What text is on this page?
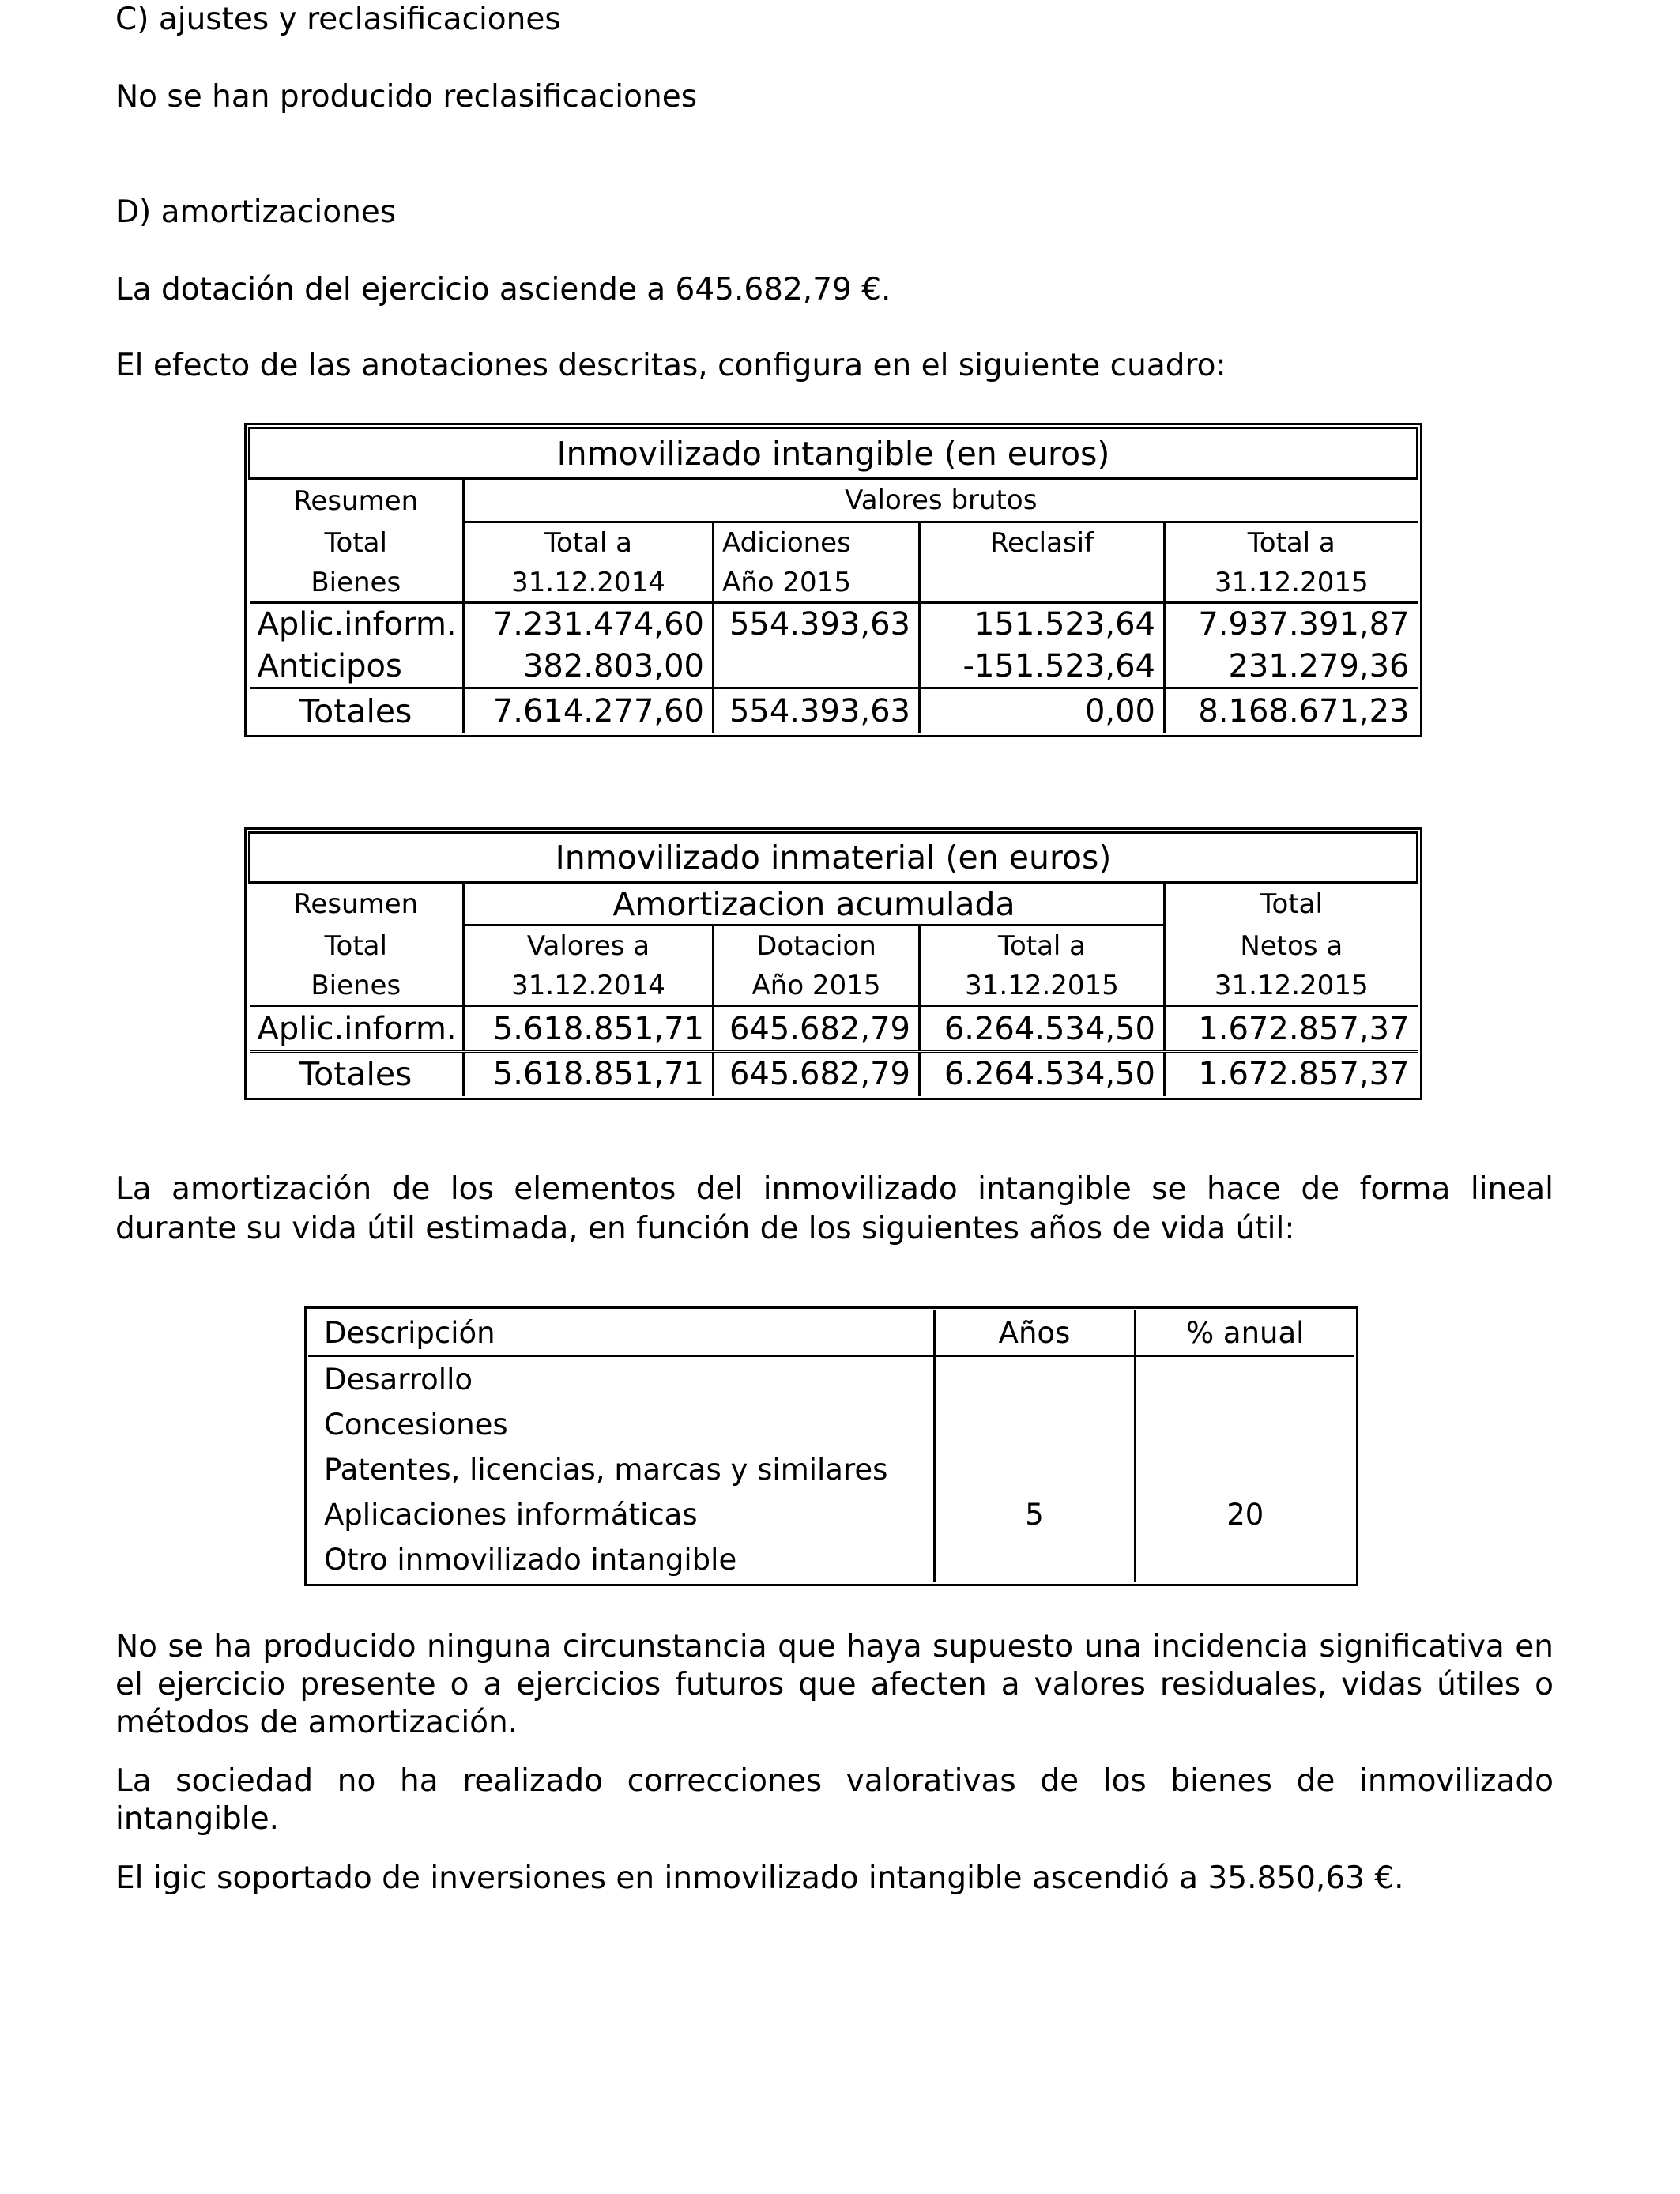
C) ajustes y reclasificaciones

No se han producido reclasificaciones

D) amortizaciones

La dotación del ejercicio asciende a 645.682,79 €.

El efecto de las anotaciones descritas, configura en el siguiente cuadro:

Inmovilizado intangible (en euros)				
Resumen	Valores brutos			
Total	Total a	Adiciones	Reclasif	Total a
Bienes	31.12.2014	Año 2015		31.12.2015
Aplic.inform.	7.231.474,60	554.393,63	151.523,64	7.937.391,87
Anticipos	382.803,00		-151.523,64	231.279,36
Totales	7.614.277,60	554.393,63	0,00	8.168.671,23
Inmovilizado inmaterial (en euros)				
Resumen	Amortizacion acumulada			Total
Total	Valores a	Dotacion	Total a	Netos a
Bienes	31.12.2014	Año 2015	31.12.2015	31.12.2015
Aplic.inform.	5.618.851,71	645.682,79	6.264.534,50	1.672.857,37
Totales	5.618.851,71	645.682,79	6.264.534,50	1.672.857,37

La amortización de los elementos del inmovilizado intangible se hace de forma lineal durante su vida útil estimada, en función de los siguientes años de vida útil:

Descripción	Años	% anual
Desarrollo		
Concesiones		
Patentes, licencias, marcas y similares		
Aplicaciones informáticas	5	20
Otro inmovilizado intangible		

No se ha producido ninguna circunstancia que haya supuesto una incidencia significativa en el ejercicio presente o a ejercicios futuros que afecten a valores residuales, vidas útiles o métodos de amortización.

La sociedad no ha realizado correcciones valorativas de los bienes de inmovilizado intangible.

El igic soportado de inversiones en inmovilizado intangible ascendió a 35.850,63 €.
